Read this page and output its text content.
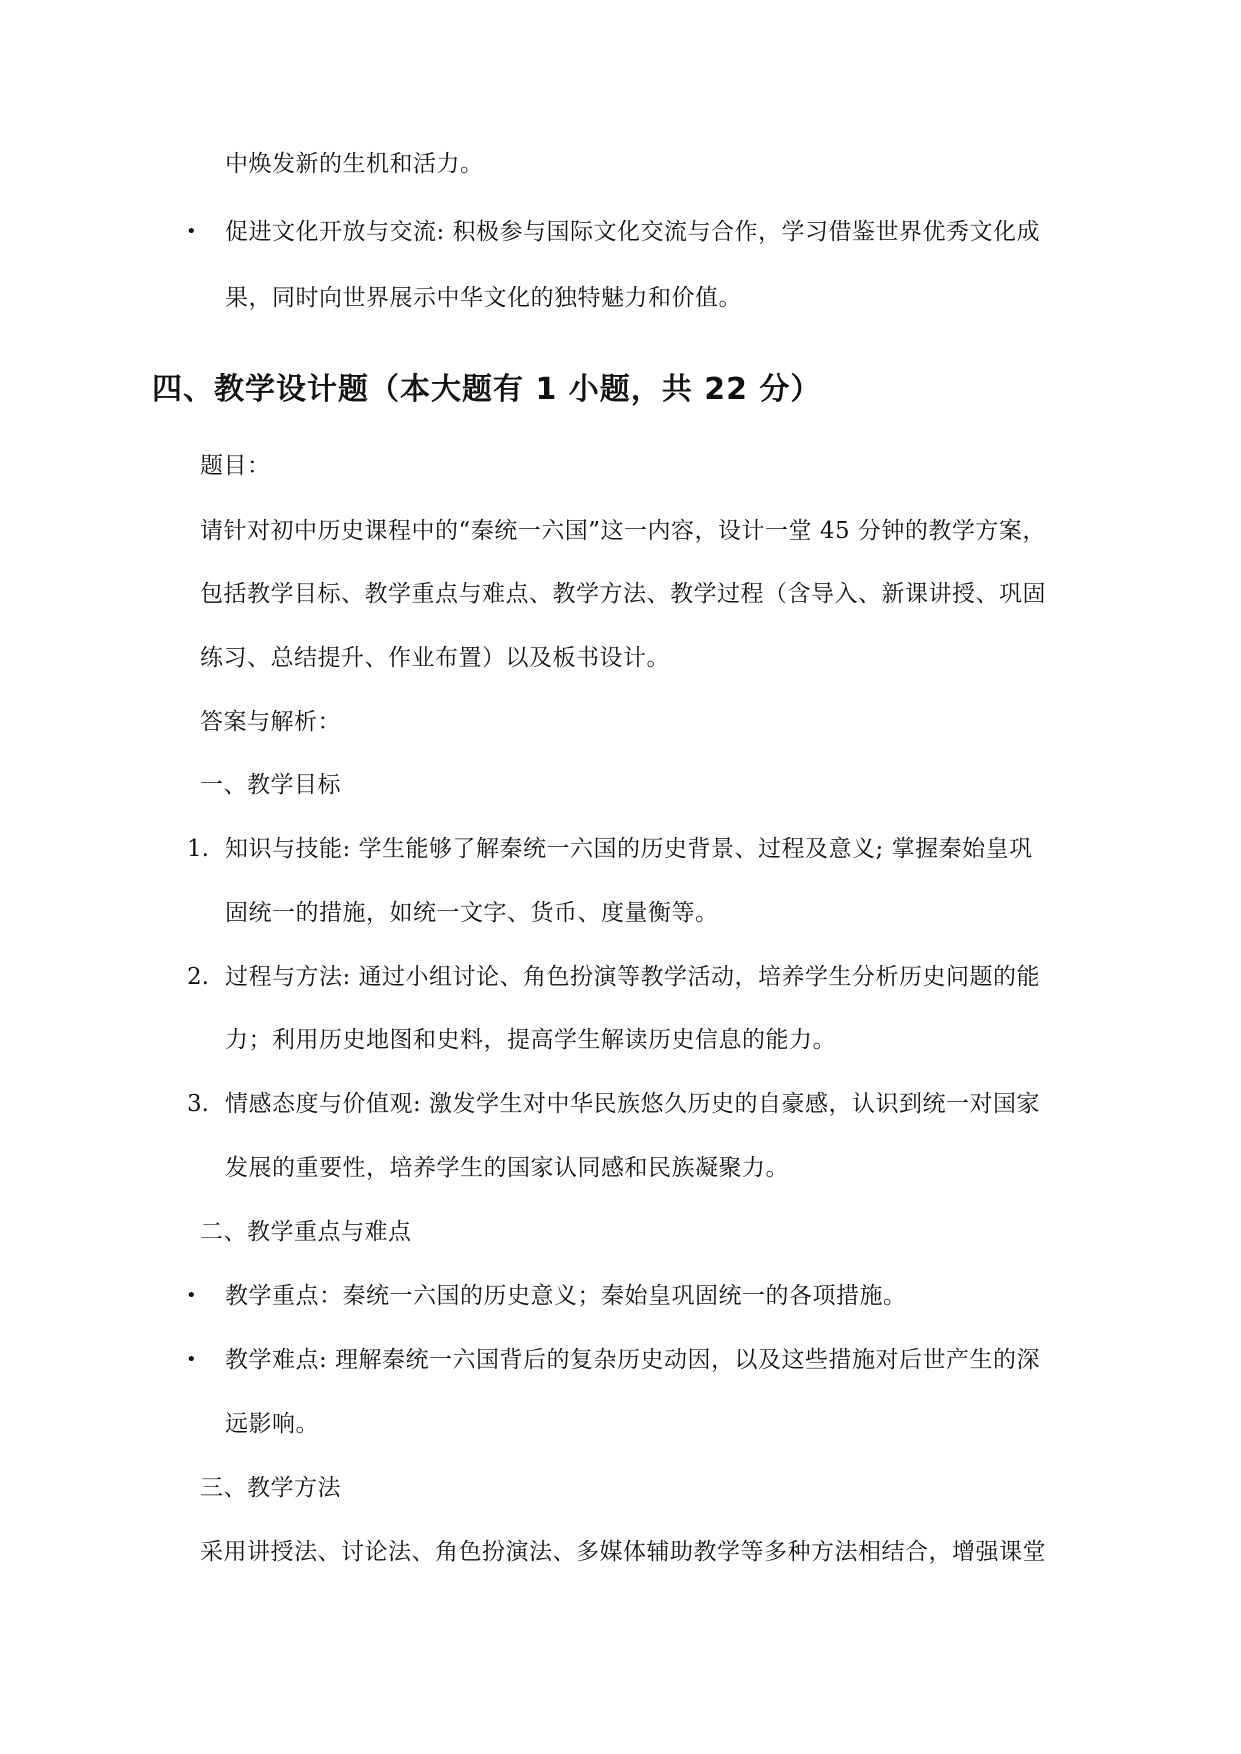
中焕发新的生机和活力。
• 促进文化开放与交流: 积极参与国际文化交流与合作，学习借鉴世界优秀文化成
果，同时向世界展示中华文化的独特魅力和价值。
四、教学设计题（本大题有 1 小题，共 22 分）
题目：
请针对初中历史课程中的“秦统一六国”这一内容，设计一堂 45 分钟的教学方案，
包括教学目标、教学重点与难点、教学方法、教学过程（含导入、新课讲授、巩固
练习、总结提升、作业布置）以及板书设计。
答案与解析：
一、教学目标
1. 知识与技能: 学生能够了解秦统一六国的历史背景、过程及意义; 掌握秦始皇巩
固统一的措施，如统一文字、货币、度量衡等。
2. 过程与方法: 通过小组讨论、角色扮演等教学活动，培养学生分析历史问题的能
力；利用历史地图和史料，提高学生解读历史信息的能力。
3. 情感态度与价值观: 激发学生对中华民族悠久历史的自豪感，认识到统一对国家
发展的重要性，培养学生的国家认同感和民族凝聚力。
二、教学重点与难点
• 教学重点：秦统一六国的历史意义；秦始皇巩固统一的各项措施。
• 教学难点: 理解秦统一六国背后的复杂历史动因，以及这些措施对后世产生的深
远影响。
三、教学方法
采用讲授法、讨论法、角色扮演法、多媒体辅助教学等多种方法相结合，增强课堂
